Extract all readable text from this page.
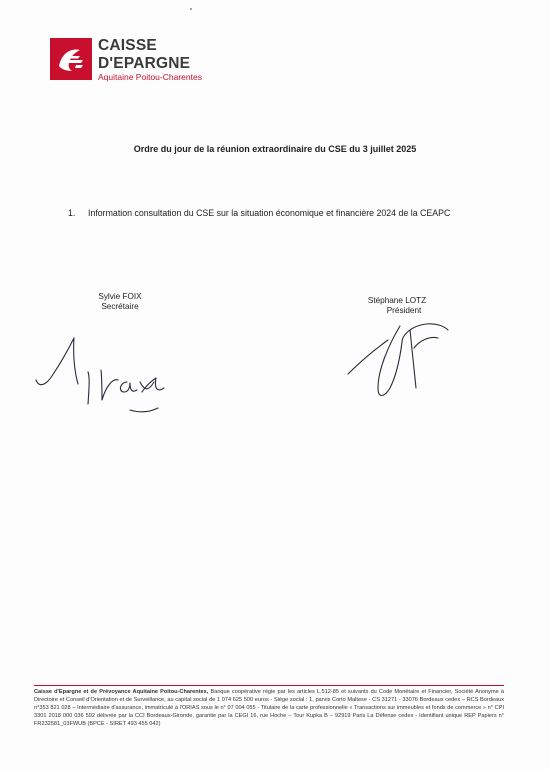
CAISSE
D'EPARGNE
Aquitaine Poitou-Charentes
Ordre du jour de la réunion extraordinaire du CSE du 3 juillet 2025
1. Information consultation du CSE sur la situation économique et financière 2024 de la CEAPC
Sylvie FOIX
Secrétaire
Stéphane LOTZ
Président
Caisse d'Epargne et de Prévoyance Aquitaine Poitou-Charentes, Banque coopérative régie par les articles L.512-85 et suivants du Code Monétaire et Financier, Société Anonyme à Directoire et Conseil d'Orientation et de Surveillance, au capital social de 1 074 625 500 euros - Siège social : 1, parvis Corto Maltese - CS 31271 - 33076 Bordeaux cedex – RCS Bordeaux n°353 821 028 – Intermédiaire d'assurance, immatriculé à l'ORIAS sous le n° 07 004 055 - Titulaire de la carte professionnelle « Transactions sur immeubles et fonds de commerce » n° CPI 3301 2018 000 036 592 délivrée par la CCI Bordeaux-Gironde, garantie par la CEGI 16, rue Hoche – Tour Kupka B – 92919 Paris La Défense cedex - Identifiant unique REP Papiers n° FR232581_03FWUB (BPCE - SIRET 493 455 042)
